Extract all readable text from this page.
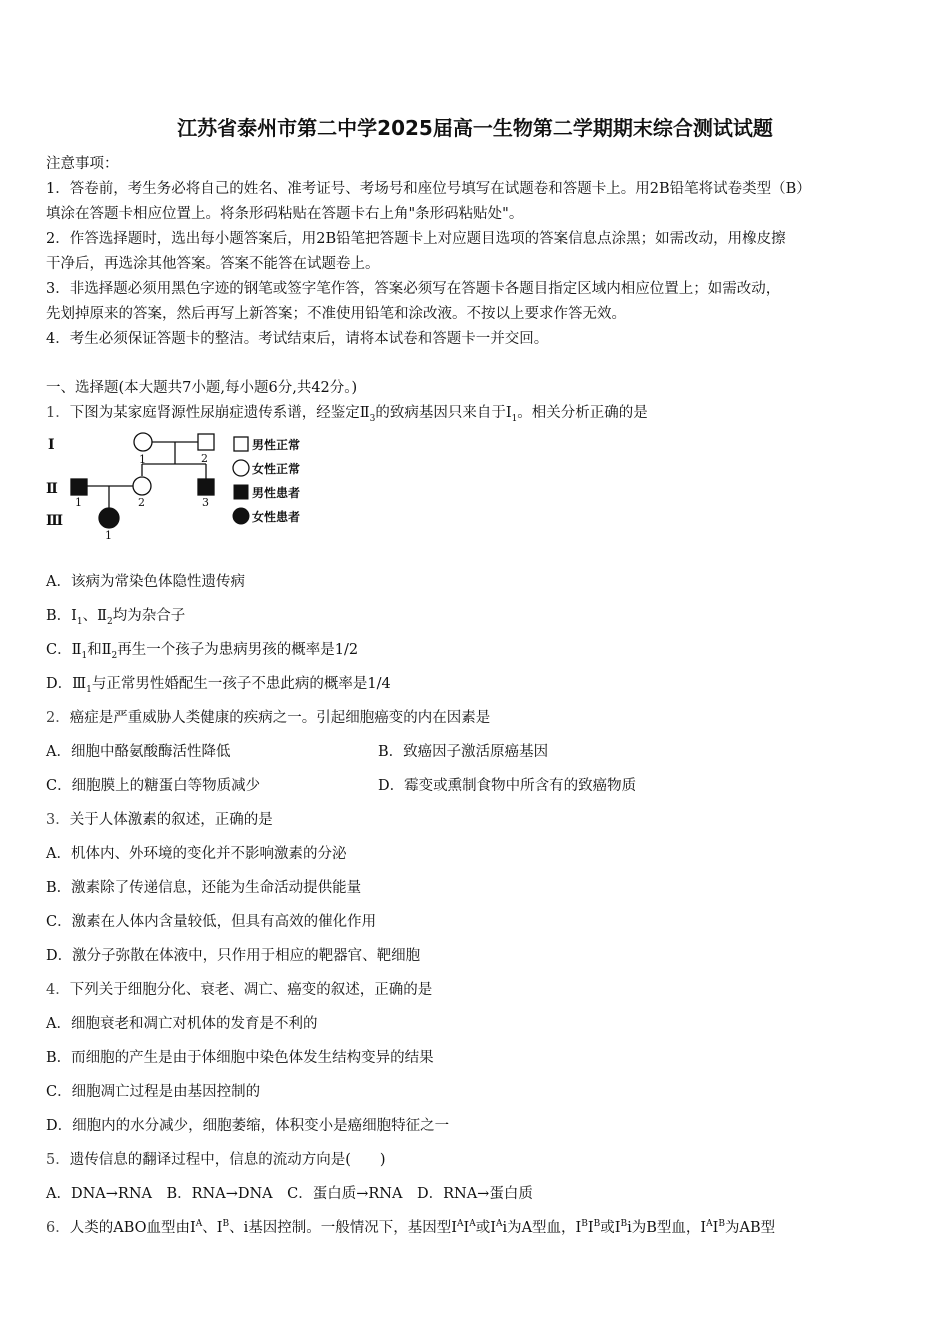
江苏省泰州市第二中学2025届高一生物第二学期期末综合测试试题
注意事项：
1．答卷前，考生务必将自己的姓名、准考证号、考场号和座位号填写在试题卷和答题卡上。用2B铅笔将试卷类型（B）
填涂在答题卡相应位置上。将条形码粘贴在答题卡右上角"条形码粘贴处"。
2．作答选择题时，选出每小题答案后，用2B铅笔把答题卡上对应题目选项的答案信息点涂黑；如需改动，用橡皮擦
干净后，再选涂其他答案。答案不能答在试题卷上。
3．非选择题必须用黑色字迹的钢笔或签字笔作答，答案必须写在答题卡各题目指定区域内相应位置上；如需改动，
先划掉原来的答案，然后再写上新答案；不准使用铅笔和涂改液。不按以上要求作答无效。
4．考生必须保证答题卡的整洁。考试结束后，请将本试卷和答题卡一并交回。
一、选择题(本大题共7小题,每小题6分,共42分。)
1．下图为某家庭肾源性尿崩症遗传系谱，经鉴定$Ⅱ_3$的致病基因只来自于$Ⅰ_1$。相关分析正确的是
Ⅰ
Ⅱ
Ⅲ
1	2
1	2	3
1
男性正常
女性正常
男性患者
女性患者
A．该病为常染色体隐性遗传病
B．$Ⅰ_1$、$Ⅱ_2$均为杂合子
C．$Ⅱ_1$和$Ⅱ_2$再生一个孩子为患病男孩的概率是1/2
D．$Ⅲ_1$与正常男性婚配生一孩子不患此病的概率是1/4
2．癌症是严重威胁人类健康的疾病之一。引起细胞癌变的内在因素是
A．细胞中酪氨酸酶活性降低	B．致癌因子激活原癌基因
C．细胞膜上的糖蛋白等物质减少	D．霉变或熏制食物中所含有的致癌物质
3．关于人体激素的叙述，正确的是
A．机体内、外环境的变化并不影响激素的分泌
B．激素除了传递信息，还能为生命活动提供能量
C．激素在人体内含量较低，但具有高效的催化作用
D．激分子弥散在体液中，只作用于相应的靶器官、靶细胞
4．下列关于细胞分化、衰老、凋亡、癌变的叙述，正确的是
A．细胞衰老和凋亡对机体的发育是不利的
B．而细胞的产生是由于体细胞中染色体发生结构变异的结果
C．细胞凋亡过程是由基因控制的
D．细胞内的水分减少，细胞萎缩，体积变小是癌细胞特征之一
5．遗传信息的翻译过程中，信息的流动方向是(　　)
A．DNA→RNA　B．RNA→DNA　C．蛋白质→RNA　D．RNA→蛋白质
6．人类的ABO血型由$I^A$、$I^B$、i基因控制。一般情况下，基因型$I^AI^A$或$I^Ai$为A型血，$I^BI^B$或$I^Bi$为B型血，$I^AI^B$为AB型
